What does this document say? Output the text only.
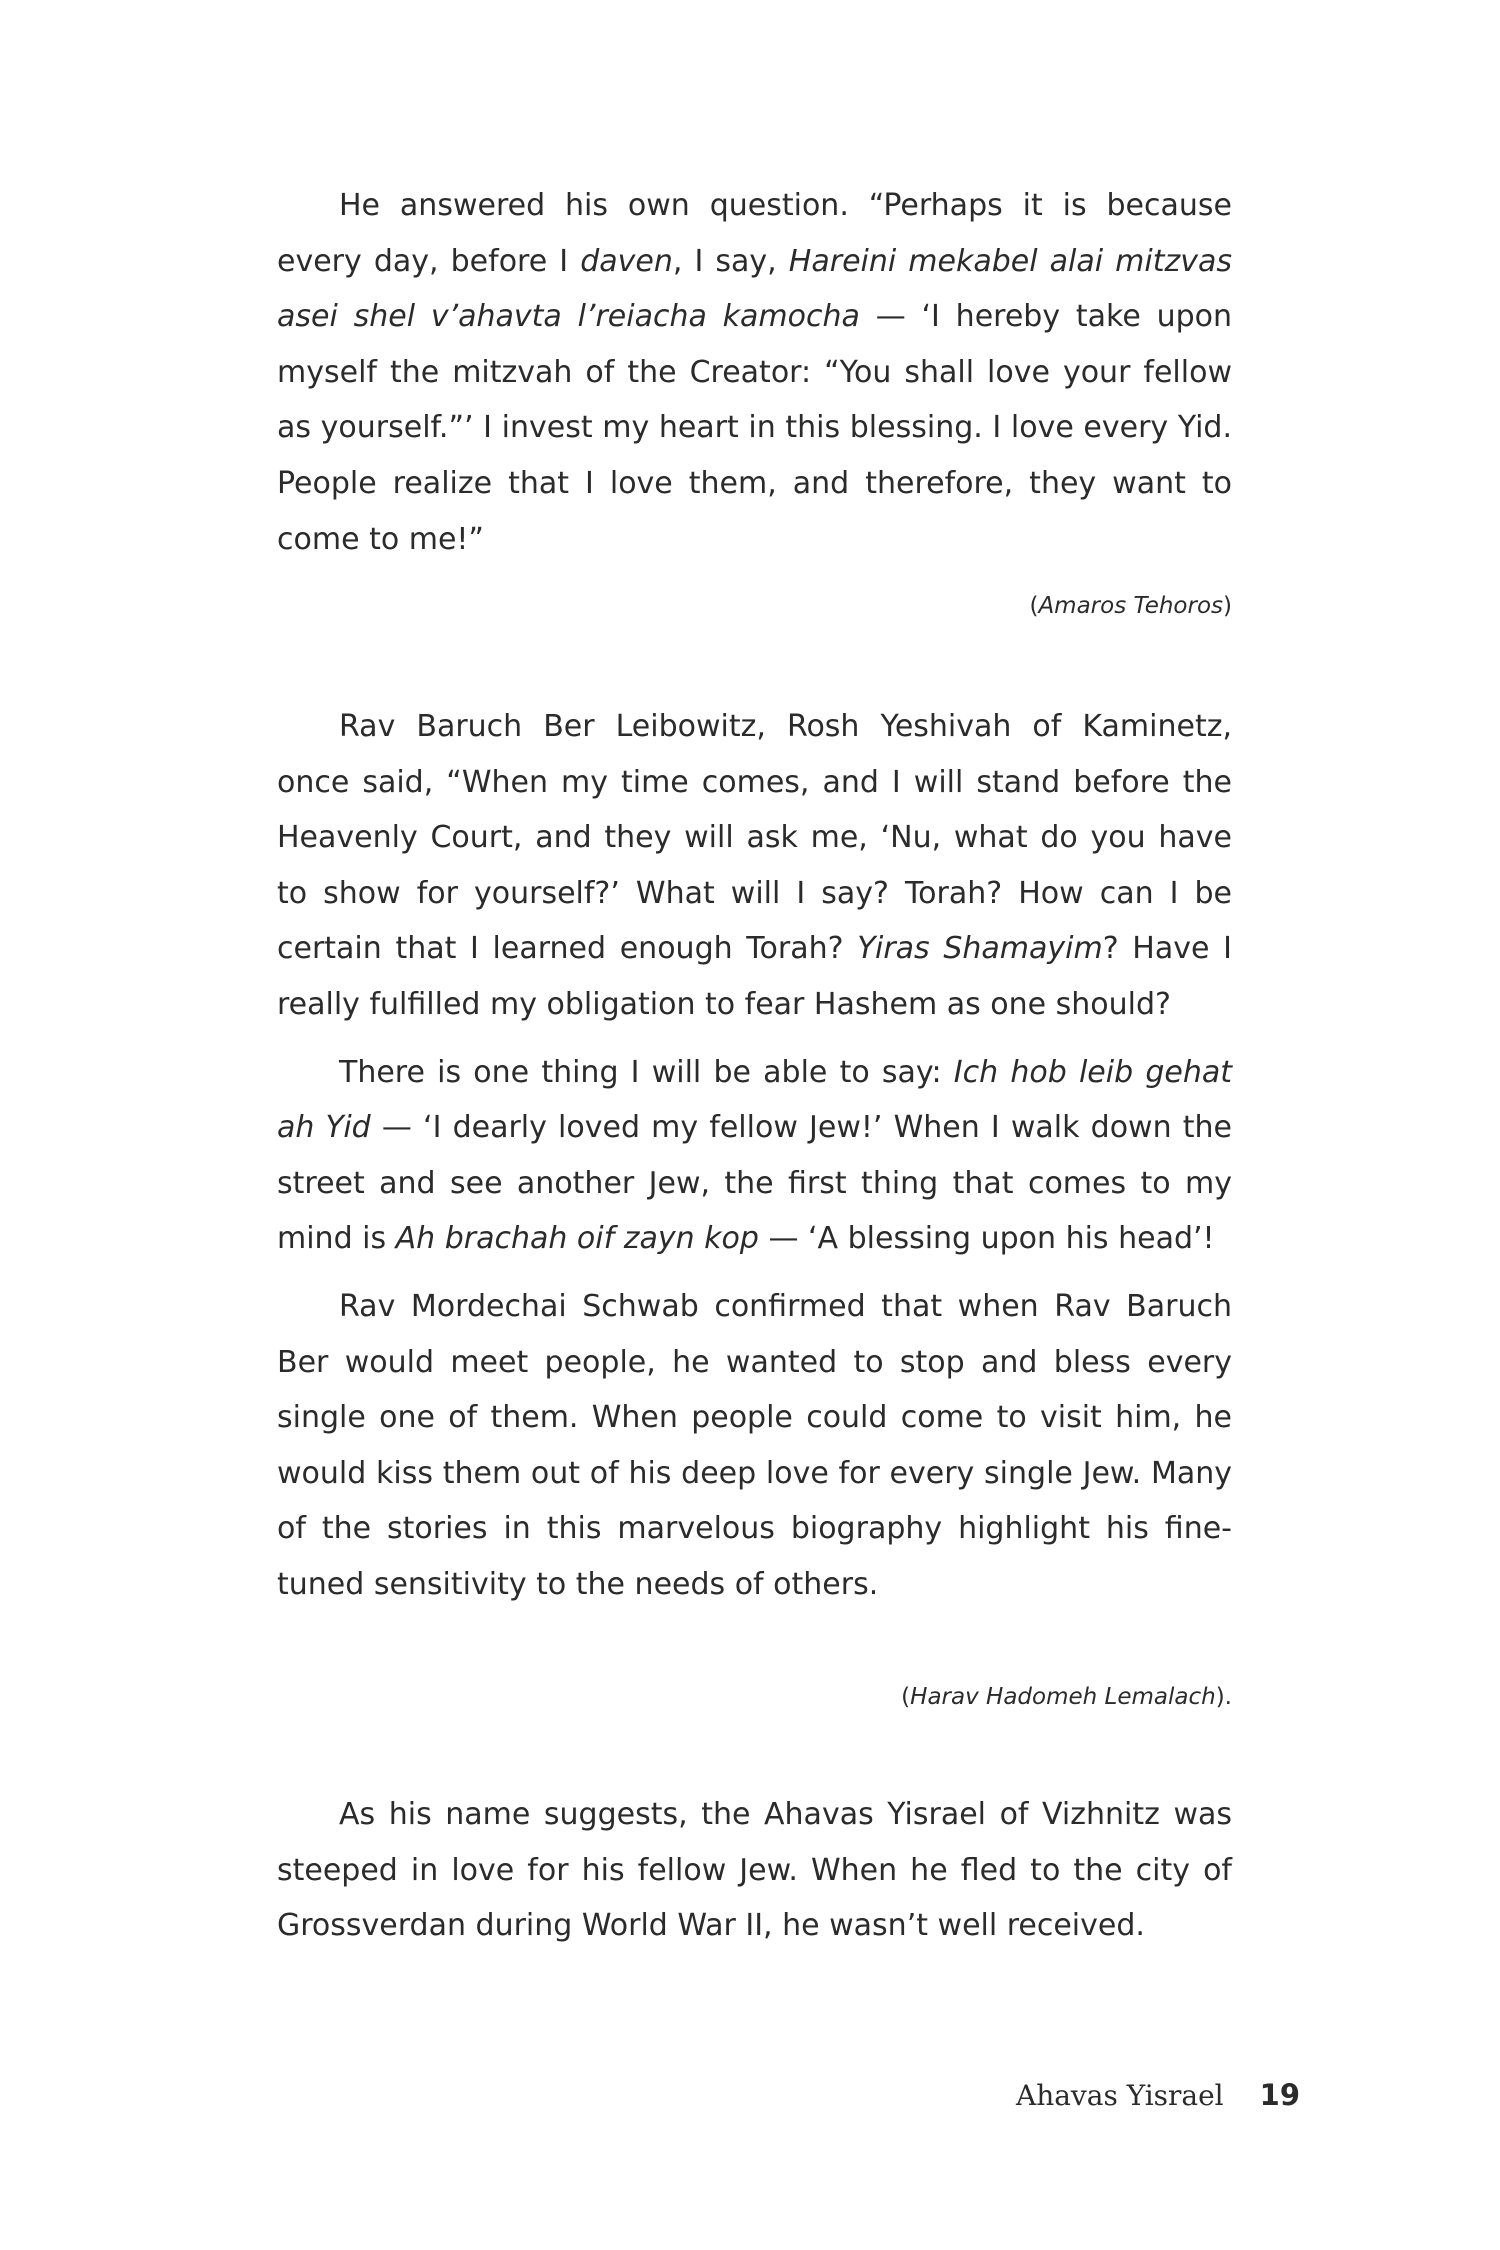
He answered his own question. “Perhaps it is because every day, before I daven, I say, Hareini mekabel alai mitzvas asei shel v’ahavta l’reiacha kamocha — ‘I hereby take upon myself the mitzvah of the Creator: “You shall love your fellow as yourself.”’ I invest my heart in this blessing. I love every Yid. People realize that I love them, and therefore, they want to come to me!”

(Amaros Tehoros)

Rav Baruch Ber Leibowitz, Rosh Yeshivah of Kaminetz, once said, “When my time comes, and I will stand before the Heavenly Court, and they will ask me, ‘Nu, what do you have to show for yourself?’ What will I say? Torah? How can I be certain that I learned enough Torah? Yiras Shamayim? Have I really fulfilled my obligation to fear Hashem as one should?

There is one thing I will be able to say: Ich hob leib gehat ah Yid — ‘I dearly loved my fellow Jew!’ When I walk down the street and see another Jew, the first thing that comes to my mind is Ah brachah oif zayn kop — ‘A blessing upon his head’!

Rav Mordechai Schwab confirmed that when Rav Baruch Ber would meet people, he wanted to stop and bless every single one of them. When people could come to visit him, he would kiss them out of his deep love for every single Jew. Many of the stories in this marvelous biography highlight his fine-tuned sensitivity to the needs of others.

(Harav Hadomeh Lemalach).

As his name suggests, the Ahavas Yisrael of Vizhnitz was steeped in love for his fellow Jew. When he fled to the city of Grossverdan during World War II, he wasn’t well received.

Ahavas Yisrael 19
